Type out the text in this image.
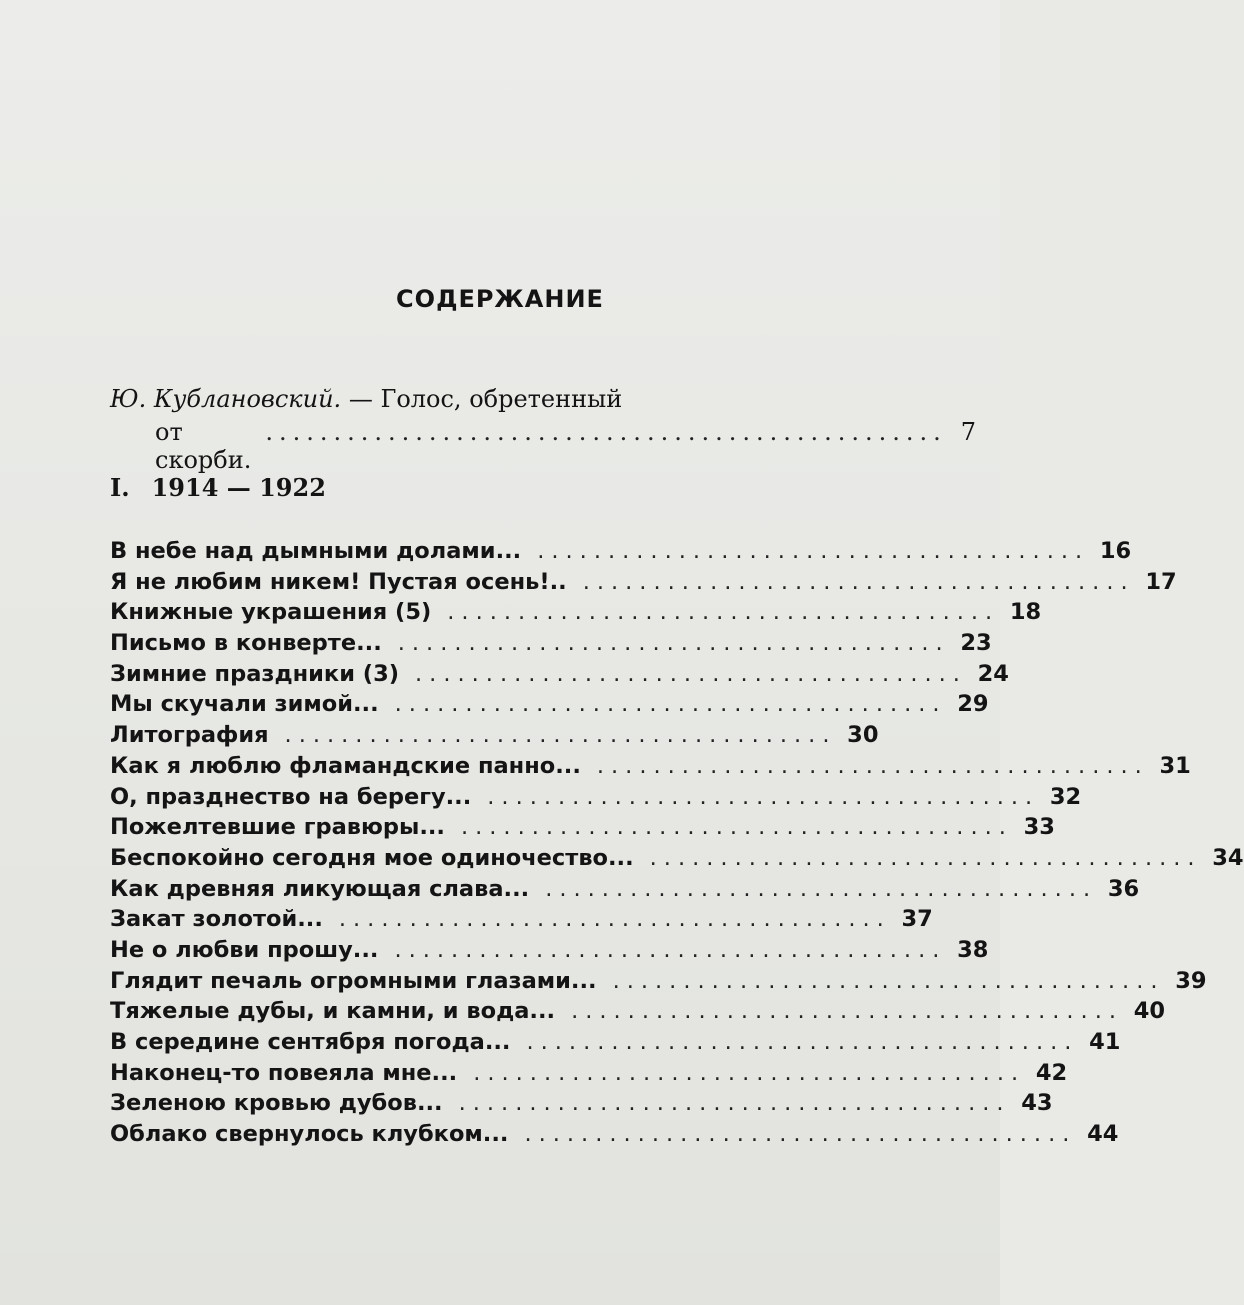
СОДЕРЖАНИЕ
Ю. Кублановский. — Голос, обретенный
от скорби.
.................................................. 7
I. 1914 — 1922
В небе над дымными долами... ....................................... 16
Я не любим никем! Пустая осень!.. ....................................... 17
Книжные украшения (5) ....................................... 18
Письмо в конверте... ....................................... 23
Зимние праздники (3) ....................................... 24
Мы скучали зимой... ....................................... 29
Литография ....................................... 30
Как я люблю фламандские панно... ....................................... 31
О, празднество на берегу... ....................................... 32
Пожелтевшие гравюры... ....................................... 33
Беспокойно сегодня мое одиночество... ....................................... 34
Как древняя ликующая слава... ....................................... 36
Закат золотой... ....................................... 37
Не о любви прошу... ....................................... 38
Глядит печаль огромными глазами... ....................................... 39
Тяжелые дубы, и камни, и вода... ....................................... 40
В середине сентября погода... ....................................... 41
Наконец-то повеяла мне... ....................................... 42
Зеленою кровью дубов... ....................................... 43
Облако свернулось клубком... ....................................... 44
